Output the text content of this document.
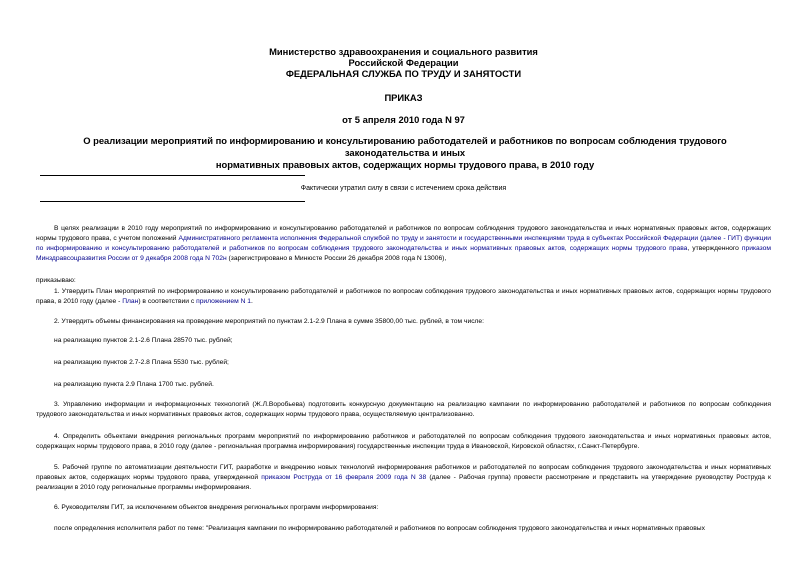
Министерство здравоохранения и социального развития
Российской Федерации
ФЕДЕРАЛЬНАЯ СЛУЖБА ПО ТРУДУ И ЗАНЯТОСТИ
ПРИКАЗ
от 5 апреля 2010 года N 97
О реализации мероприятий по информированию и консультированию работодателей и работников по вопросам соблюдения трудового законодательства и иных
нормативных правовых актов, содержащих нормы трудового права, в 2010 году
Фактически утратил силу в связи с истечением срока действия
В целях реализации в 2010 году мероприятий по информированию и консультированию работодателей и работников по вопросам соблюдения трудового законодательства и иных нормативных правовых актов, содержащих нормы трудового права, с учетом положений Административного регламента исполнения Федеральной службой по труду и занятости и государственными инспекциями труда в субъектах Российской Федерации (далее - ГИТ) функции по информированию и консультированию работодателей и работников по вопросам соблюдения трудового законодательства и иных нормативных правовых актов, содержащих нормы трудового права, утвержденного приказом Минздравсоцразвития России от 9 декабря 2008 года N 702н (зарегистрировано в Минюсте России 26 декабря 2008 года N 13006),
приказываю:
1. Утвердить План мероприятий по информированию и консультированию работодателей и работников по вопросам соблюдения трудового законодательства и иных нормативных правовых актов, содержащих нормы трудового права, в 2010 году (далее - План) в соответствии с приложением N 1.
2. Утвердить объемы финансирования на проведение мероприятий по пунктам 2.1-2.9 Плана в сумме 35800,00 тыс. рублей, в том числе:
на реализацию пунктов 2.1-2.6 Плана 28570 тыс. рублей;
на реализацию пунктов 2.7-2.8 Плана 5530 тыс. рублей;
на реализацию пункта 2.9 Плана 1700 тыс. рублей.
3. Управлению информации и информационных технологий (Ж.Л.Воробьева) подготовить конкурсную документацию на реализацию кампании по информированию работодателей и работников по вопросам соблюдения трудового законодательства и иных нормативных правовых актов, содержащих нормы трудового права, осуществляемую централизованно.
4. Определить объектами внедрения региональных программ мероприятий по информированию работников и работодателей по вопросам соблюдения трудового законодательства и иных нормативных правовых актов, содержащих нормы трудового права, в 2010 году (далее - региональная программа информирования) государственные инспекции труда в Ивановской, Кировской областях, г.Санкт-Петербурге.
5. Рабочей группе по автоматизации деятельности ГИТ, разработке и внедрению новых технологий информирования работников и работодателей по вопросам соблюдения трудового законодательства и иных нормативных правовых актов, содержащих нормы трудового права, утвержденной приказом Роструда от 16 февраля 2009 года N 38 (далее - Рабочая группа) провести рассмотрение и представить на утверждение руководству Роструда к реализации в 2010 году региональные программы информирования.
6. Руководителям ГИТ, за исключением объектов внедрения региональных программ информирования:
после определения исполнителя работ по теме: "Реализация кампании по информированию работодателей и работников по вопросам соблюдения трудового законодательства и иных нормативных правовых
